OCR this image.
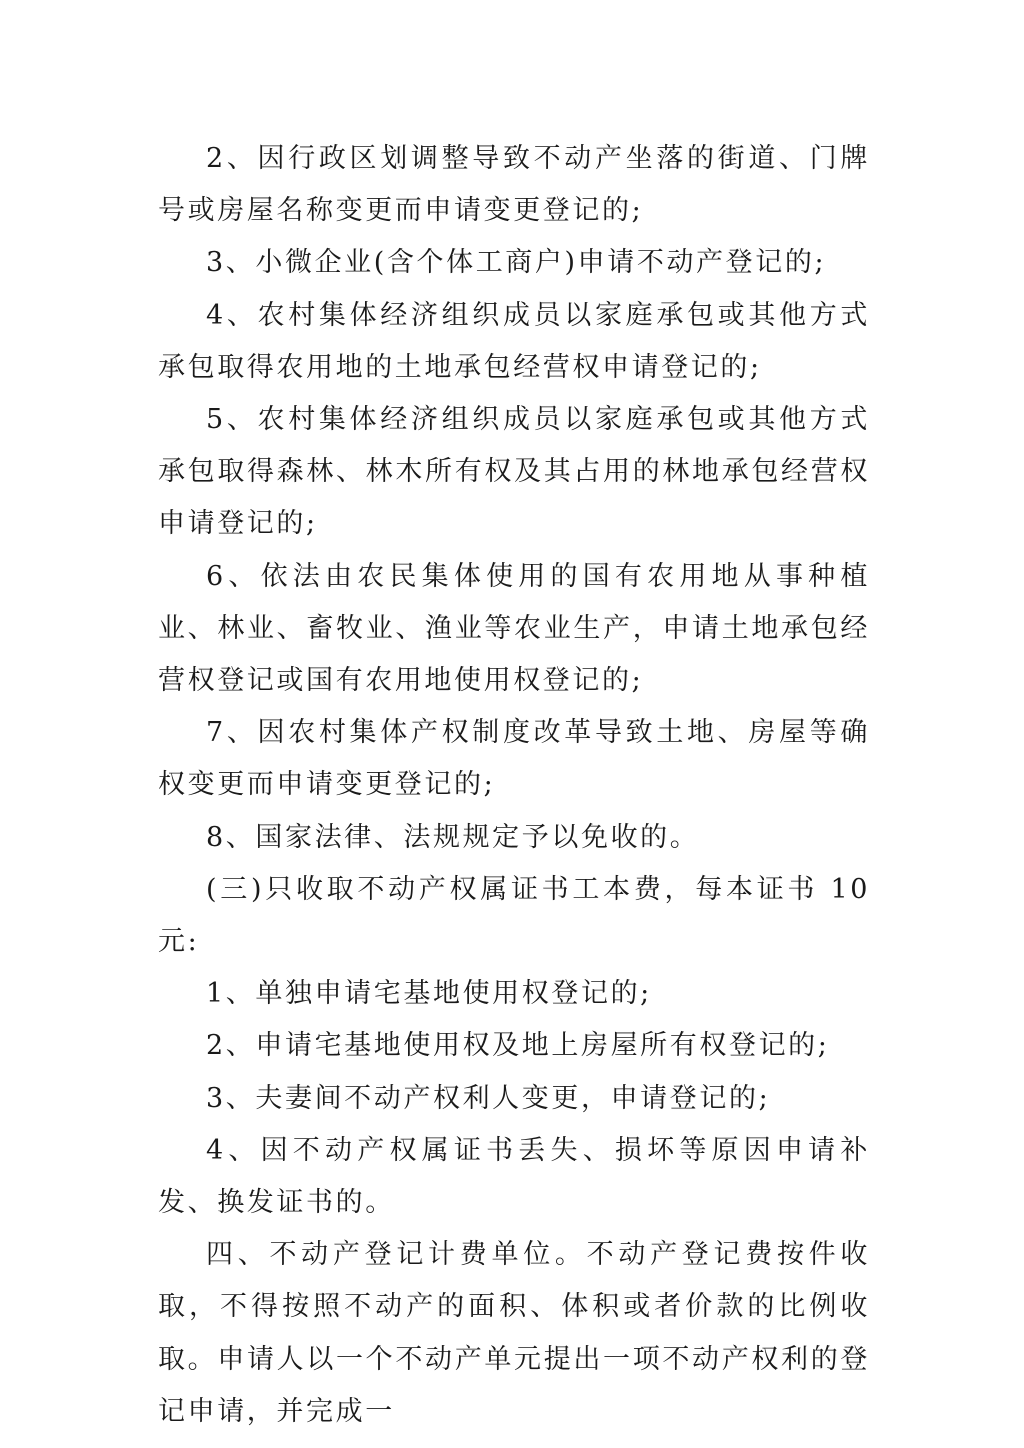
2、因行政区划调整导致不动产坐落的街道、门牌号或房屋名称变更而申请变更登记的;

3、小微企业(含个体工商户)申请不动产登记的;

4、农村集体经济组织成员以家庭承包或其他方式承包取得农用地的土地承包经营权申请登记的;

5、农村集体经济组织成员以家庭承包或其他方式承包取得森林、林木所有权及其占用的林地承包经营权申请登记的;

6、依法由农民集体使用的国有农用地从事种植业、林业、畜牧业、渔业等农业生产，申请土地承包经营权登记或国有农用地使用权登记的;

7、因农村集体产权制度改革导致土地、房屋等确权变更而申请变更登记的;

8、国家法律、法规规定予以免收的。

(三)只收取不动产权属证书工本费，每本证书 10 元:

1、单独申请宅基地使用权登记的;

2、申请宅基地使用权及地上房屋所有权登记的;

3、夫妻间不动产权利人变更，申请登记的;

4、因不动产权属证书丢失、损坏等原因申请补发、换发证书的。

四、不动产登记计费单位。不动产登记费按件收取，不得按照不动产的面积、体积或者价款的比例收取。申请人以一个不动产单元提出一项不动产权利的登记申请，并完成一
